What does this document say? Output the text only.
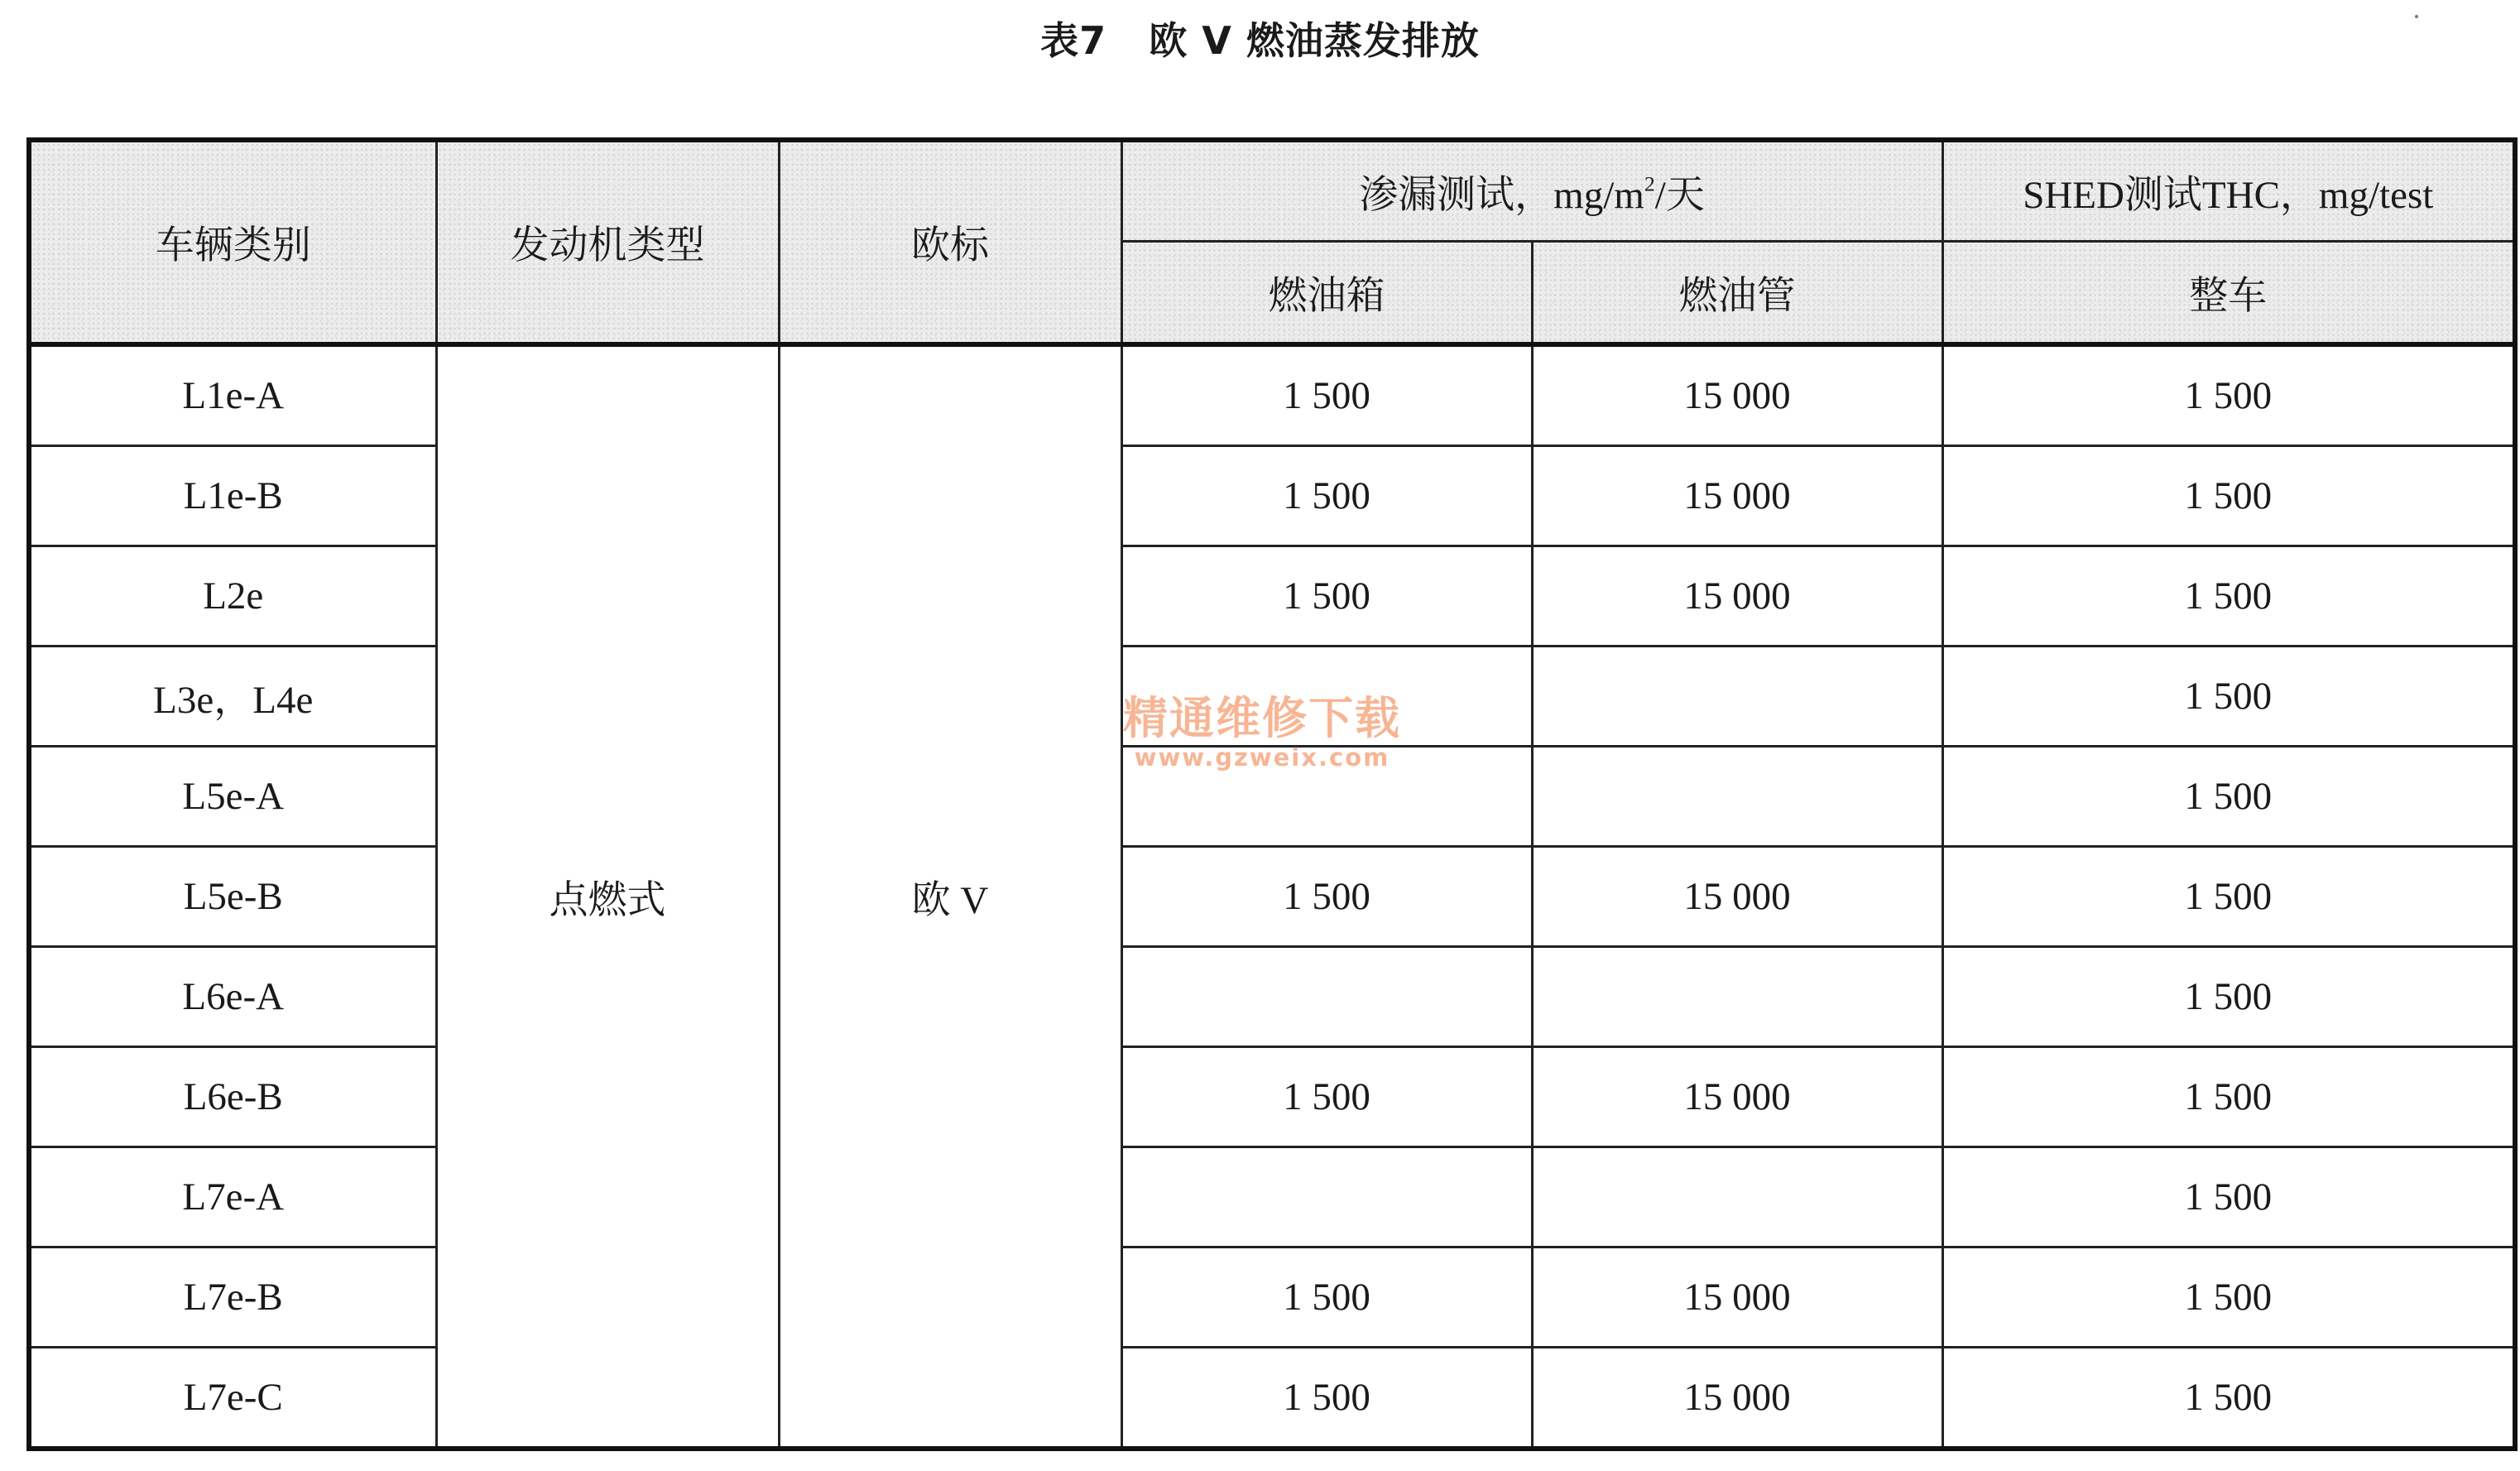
表7   欧 V 燃油蒸发排放
车辆类别	发动机类型	欧标	渗漏测试，$mg/m^2/$天		SHED测试THC，mg/test
			燃油箱	燃油管	整车
L1e-A	点燃式	欧 V	1 500	15 000	1 500
L1e-B			1 500	15 000	1 500
L2e			1 500	15 000	1 500
L3e，L4e					1 500
L5e-A					1 500
L5e-B			1 500	15 000	1 500
L6e-A					1 500
L6e-B			1 500	15 000	1 500
L7e-A					1 500
L7e-B			1 500	15 000	1 500
L7e-C			1 500	15 000	1 500
精通维修下载
www.gzweix.com
